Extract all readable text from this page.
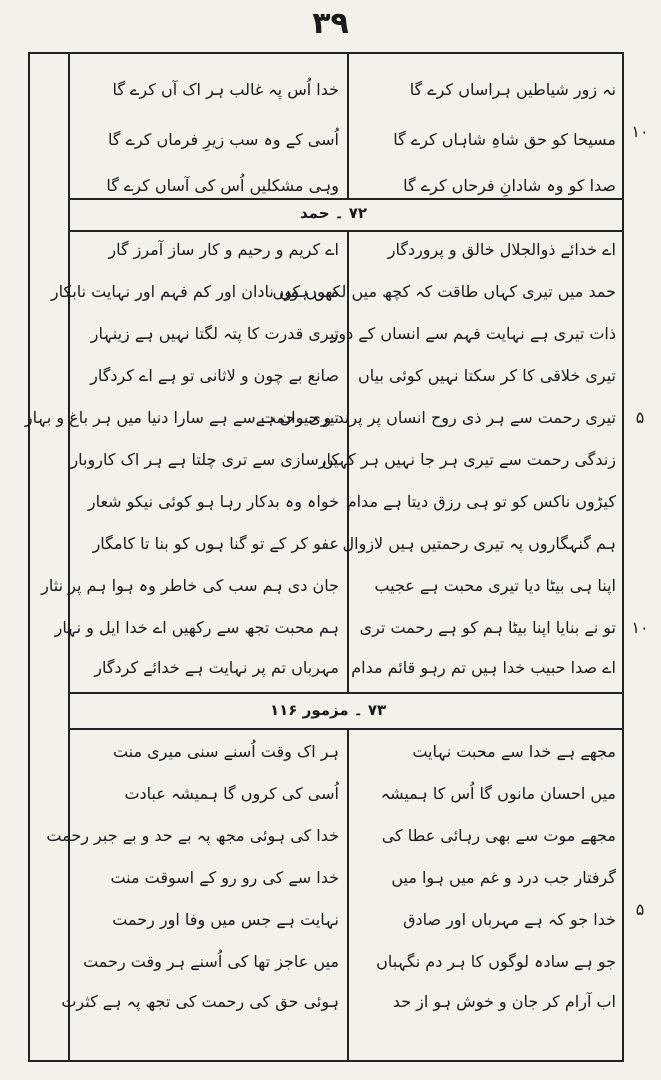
۳۹
نہ زور شیاطیں ہراساں کرے گا
مسیحا کو حق شاہِ شاہاں کرے گا
صدا کو وہ شادانِ فرحاں کرے گا
خدا اُس پہ غالب ہر اک آں کرے گا
اُسی کے وہ سب زیرِ فرماں کرے گا
وہی مشکلیں اُس کی آساں کرے گا
۱۰
۷۲ ۔ حمد
اے خدائے ذوالجلال خالق و پروردگار
حمد میں تیری کہاں طاقت کہ کچھ میں لکھوں کوں
ذات تیری ہے نہایت فہم سے انساں کے دور
تیری خلاقی کا کر سکتا نہیں کوئی بیاں
تیری رحمت سے ہر ذی روح انساں پر پرند و حیوان ہے
زندگی رحمت سے تیری ہر جا نہیں ہر کہیں
کیڑوں ناکس کو تو ہی رزق دیتا ہے مدام
ہم گنہگاروں پہ تیری رحمتیں ہیں لازوال
اپنا ہی بیٹا دیا تیری محبت ہے عجیب
تو نے بنایا اپنا بیٹا ہم کو ہے رحمت تری
اے صدا حبیب خدا ہیں تم رہو قائم مدام
اے کریم و رحیم و کار ساز آمرز گار
میں ہوں نادان اور کم فہم اور نہایت نابکار
تیری قدرت کا پتہ لگتا نہیں ہے زینہار
صانع بے چون و لاثانی تو ہے اے کردگار
تیری رحمت سے ہے سارا دنیا میں ہر باغ و بہار
کارسازی سے تری چلتا ہے ہر اک کاروبار
خواہ وہ بدکار رہا ہو کوئی نیکو شعار
عفو کر کے تو گنا ہوں کو بنا تا کامگار
جان دی ہم سب کی خاطر وہ ہوا ہم پر نثار
ہم محبت تجھ سے رکھیں اے خدا ایل و نہار
مہرباں تم پر نہایت ہے خدائے کردگار
۵
۱۰
۷۳ ۔ مزمور ۱۱۶
مجھے ہے خدا سے محبت نہایت
میں احسان مانوں گا اُس کا ہمیشہ
مجھے موت سے بھی رہائی عطا کی
گرفتار جب درد و غم میں ہوا میں
خدا جو کہ ہے مہرباں اور صادق
جو ہے سادہ لوگوں کا ہر دم نگہباں
اب آرام کر جان و خوش ہو از حد
ہر اک وقت اُسنے سنی میری منت
اُسی کی کروں گا ہمیشہ عبادت
خدا کی ہوئی مجھ پہ بے حد و بے جبر رحمت
خدا سے کی رو رو کے اسوقت منت
نہایت ہے جس میں وفا اور رحمت
میں عاجز تھا کی اُسنے ہر وقت رحمت
ہوئی حق کی رحمت کی تجھ پہ ہے کثرت
۵
